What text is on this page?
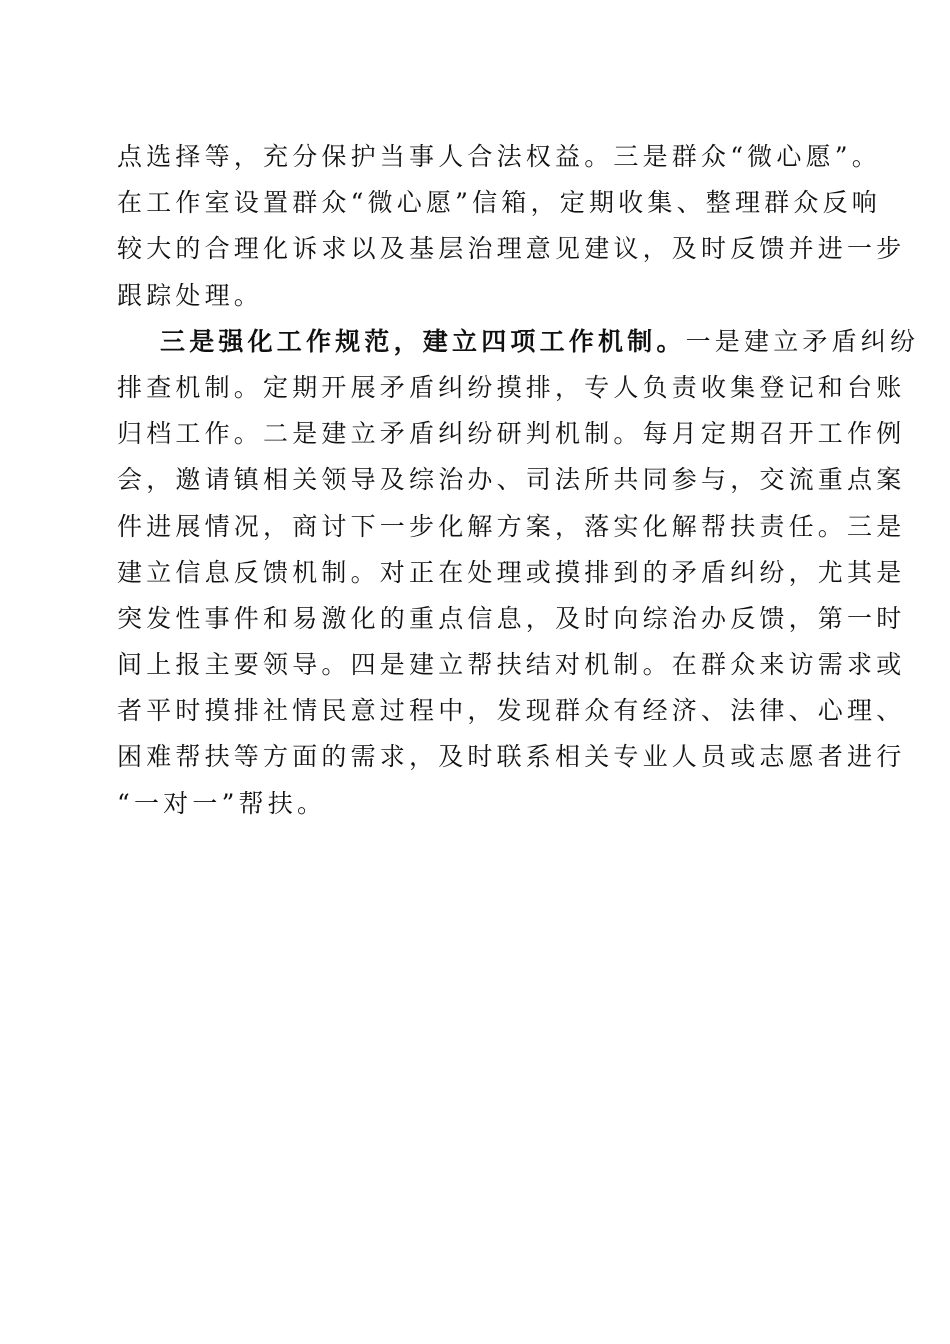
点选择等，充分保护当事人合法权益。三是群众“微心愿”。
在工作室设置群众“微心愿”信箱，定期收集、整理群众反响
较大的合理化诉求以及基层治理意见建议，及时反馈并进一步
跟踪处理。
三是强化工作规范，建立四项工作机制。一是建立矛盾纠纷
排查机制。定期开展矛盾纠纷摸排，专人负责收集登记和台账
归档工作。二是建立矛盾纠纷研判机制。每月定期召开工作例
会，邀请镇相关领导及综治办、司法所共同参与，交流重点案
件进展情况，商讨下一步化解方案，落实化解帮扶责任。三是
建立信息反馈机制。对正在处理或摸排到的矛盾纠纷，尤其是
突发性事件和易激化的重点信息，及时向综治办反馈，第一时
间上报主要领导。四是建立帮扶结对机制。在群众来访需求或
者平时摸排社情民意过程中，发现群众有经济、法律、心理、
困难帮扶等方面的需求，及时联系相关专业人员或志愿者进行
“一对一”帮扶。
